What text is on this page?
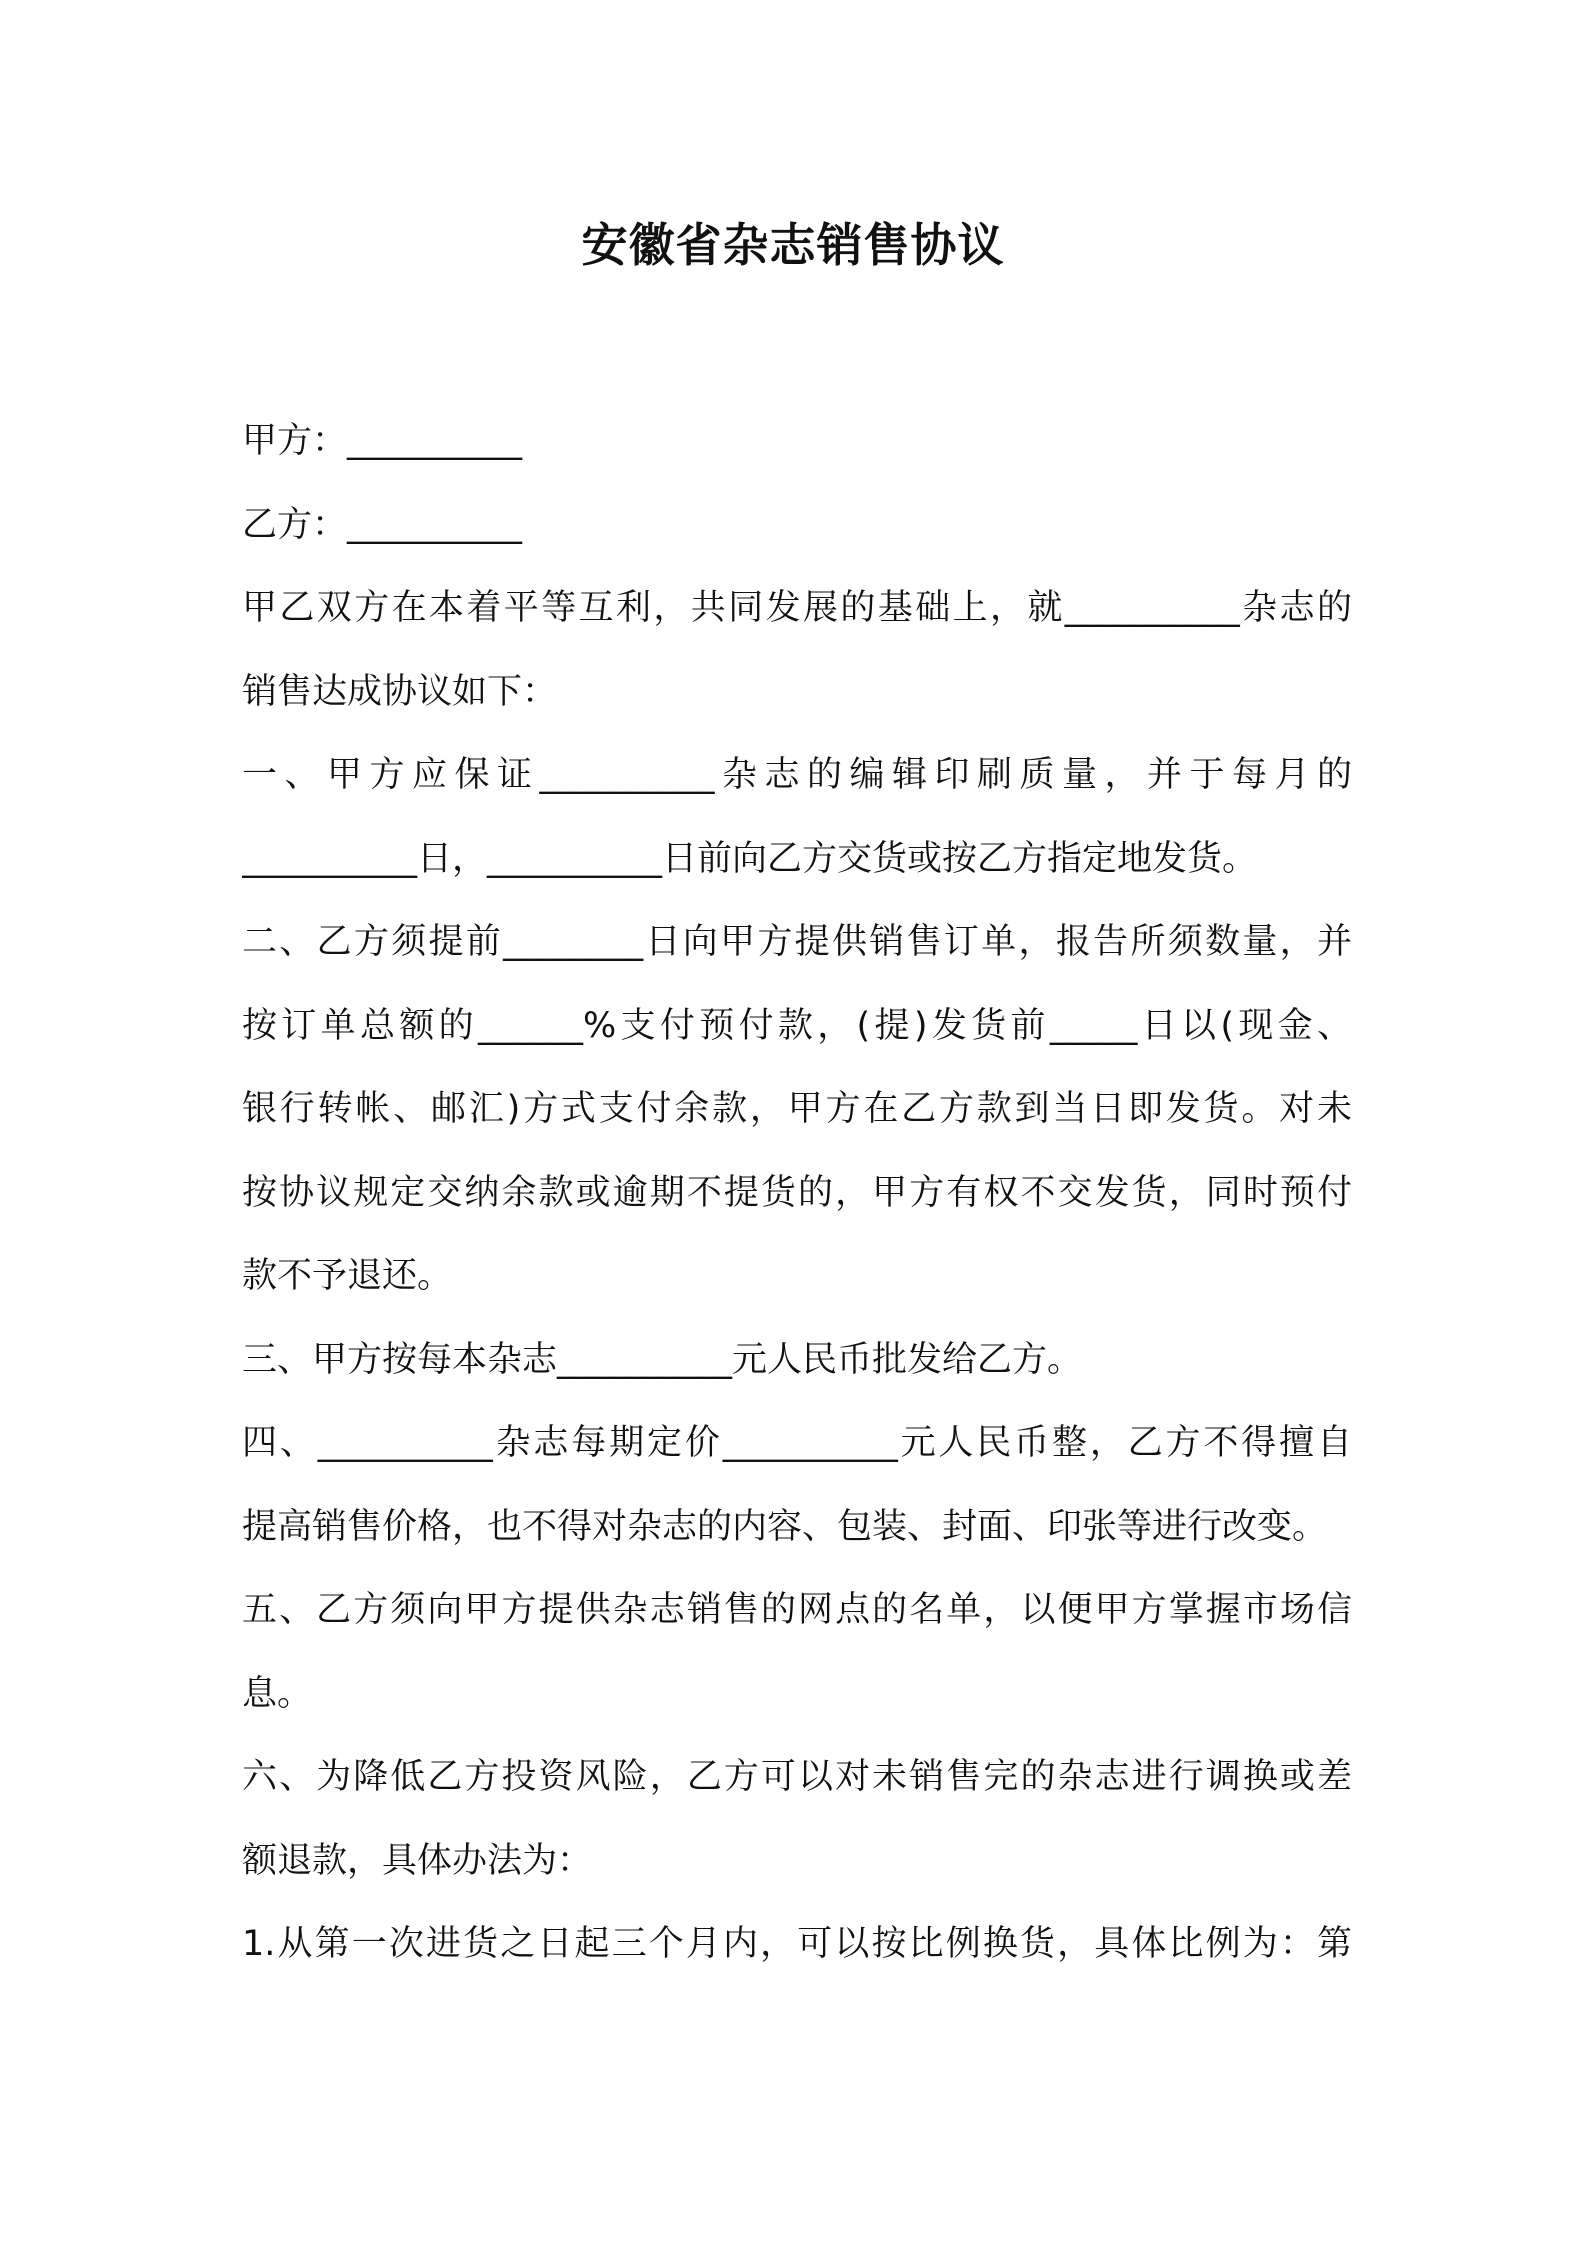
安徽省杂志销售协议
甲方：__________
乙方：__________
甲乙双方在本着平等互利，共同发展的基础上，就__________杂志的
销售达成协议如下：
一、甲方应保证__________杂志的编辑印刷质量，并于每月的
__________日，__________日前向乙方交货或按乙方指定地发货。
二、乙方须提前________日向甲方提供销售订单，报告所须数量，并
按订单总额的______%支付预付款，(提)发货前_____日以(现金、
银行转帐、邮汇)方式支付余款，甲方在乙方款到当日即发货。对未
按协议规定交纳余款或逾期不提货的，甲方有权不交发货，同时预付
款不予退还。
三、甲方按每本杂志__________元人民币批发给乙方。
四、__________杂志每期定价__________元人民币整，乙方不得擅自
提高销售价格，也不得对杂志的内容、包装、封面、印张等进行改变。
五、乙方须向甲方提供杂志销售的网点的名单，以便甲方掌握市场信
息。
六、为降低乙方投资风险，乙方可以对未销售完的杂志进行调换或差
额退款，具体办法为：
1.从第一次进货之日起三个月内，可以按比例换货，具体比例为：第
